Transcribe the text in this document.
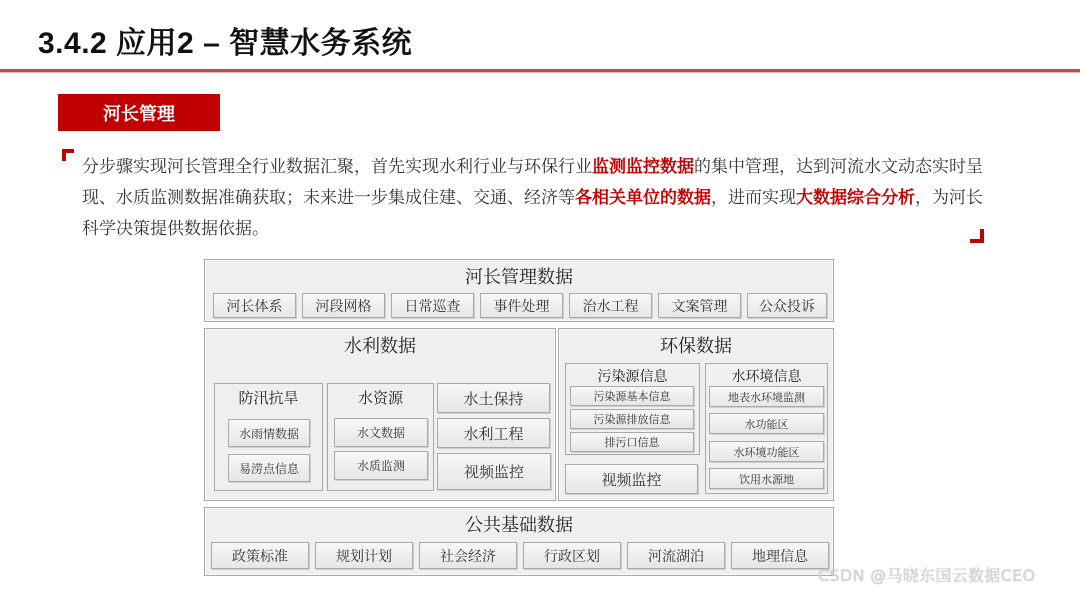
3.4.2 应用2 – 智慧水务系统
河长管理
分步骤实现河长管理全行业数据汇聚，首先实现水利行业与环保行业监测监控数据的集中管理，达到河流水文动态实时呈现、水质监测数据准确获取；未来进一步集成住建、交通、经济等各相关单位的数据，进而实现大数据综合分析，为河长科学决策提供数据依据。
河长管理数据
河长体系	河段网格	日常巡查	事件处理	治水工程	文案管理	公众投诉
水利数据
防汛抗旱
水雨情数据
易涝点信息
水资源
水文数据
水质监测
水土保持
水利工程
视频监控
环保数据
污染源信息
污染源基本信息
污染源排放信息
排污口信息
视频监控
水环境信息
地表水环境监测
水功能区
水环境功能区
饮用水源地
公共基础数据
政策标准	规划计划	社会经济	行政区划	河流湖泊	地理信息
CSDN @马晓东国云数据CEO
